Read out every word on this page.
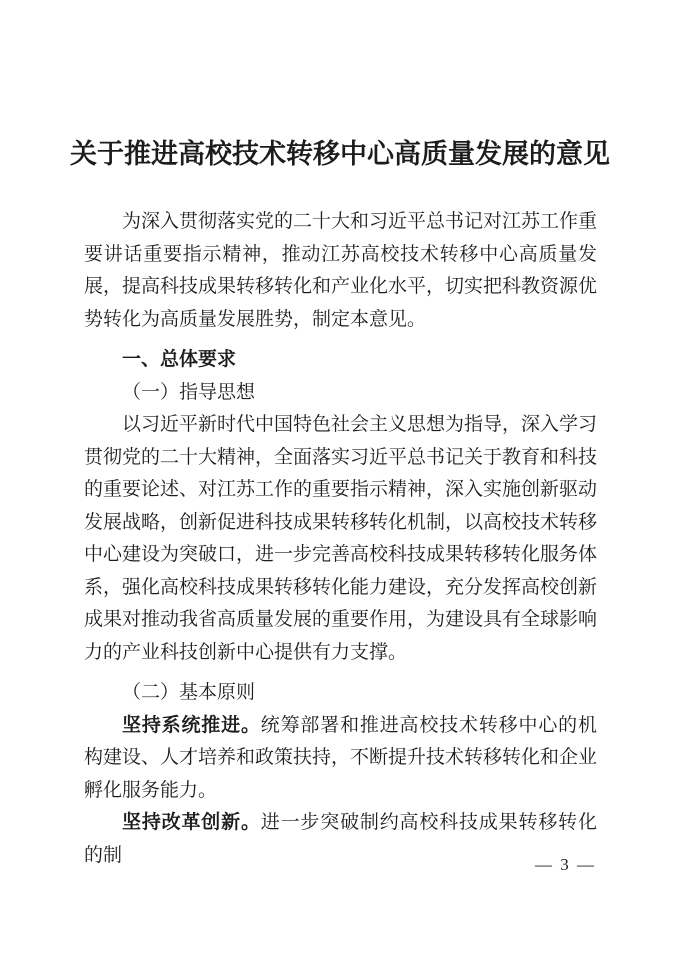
关于推进高校技术转移中心高质量发展的意见

为深入贯彻落实党的二十大和习近平总书记对江苏工作重要讲话重要指示精神，推动江苏高校技术转移中心高质量发展，提高科技成果转移转化和产业化水平，切实把科教资源优势转化为高质量发展胜势，制定本意见。

一、总体要求
（一）指导思想

以习近平新时代中国特色社会主义思想为指导，深入学习贯彻党的二十大精神，全面落实习近平总书记关于教育和科技的重要论述、对江苏工作的重要指示精神，深入实施创新驱动发展战略，创新促进科技成果转移转化机制，以高校技术转移中心建设为突破口，进一步完善高校科技成果转移转化服务体系，强化高校科技成果转移转化能力建设，充分发挥高校创新成果对推动我省高质量发展的重要作用，为建设具有全球影响力的产业科技创新中心提供有力支撑。

（二）基本原则

坚持系统推进。统筹部署和推进高校技术转移中心的机构建设、人才培养和政策扶持，不断提升技术转移转化和企业孵化服务能力。

坚持改革创新。进一步突破制约高校科技成果转移转化的制	— 3 —
